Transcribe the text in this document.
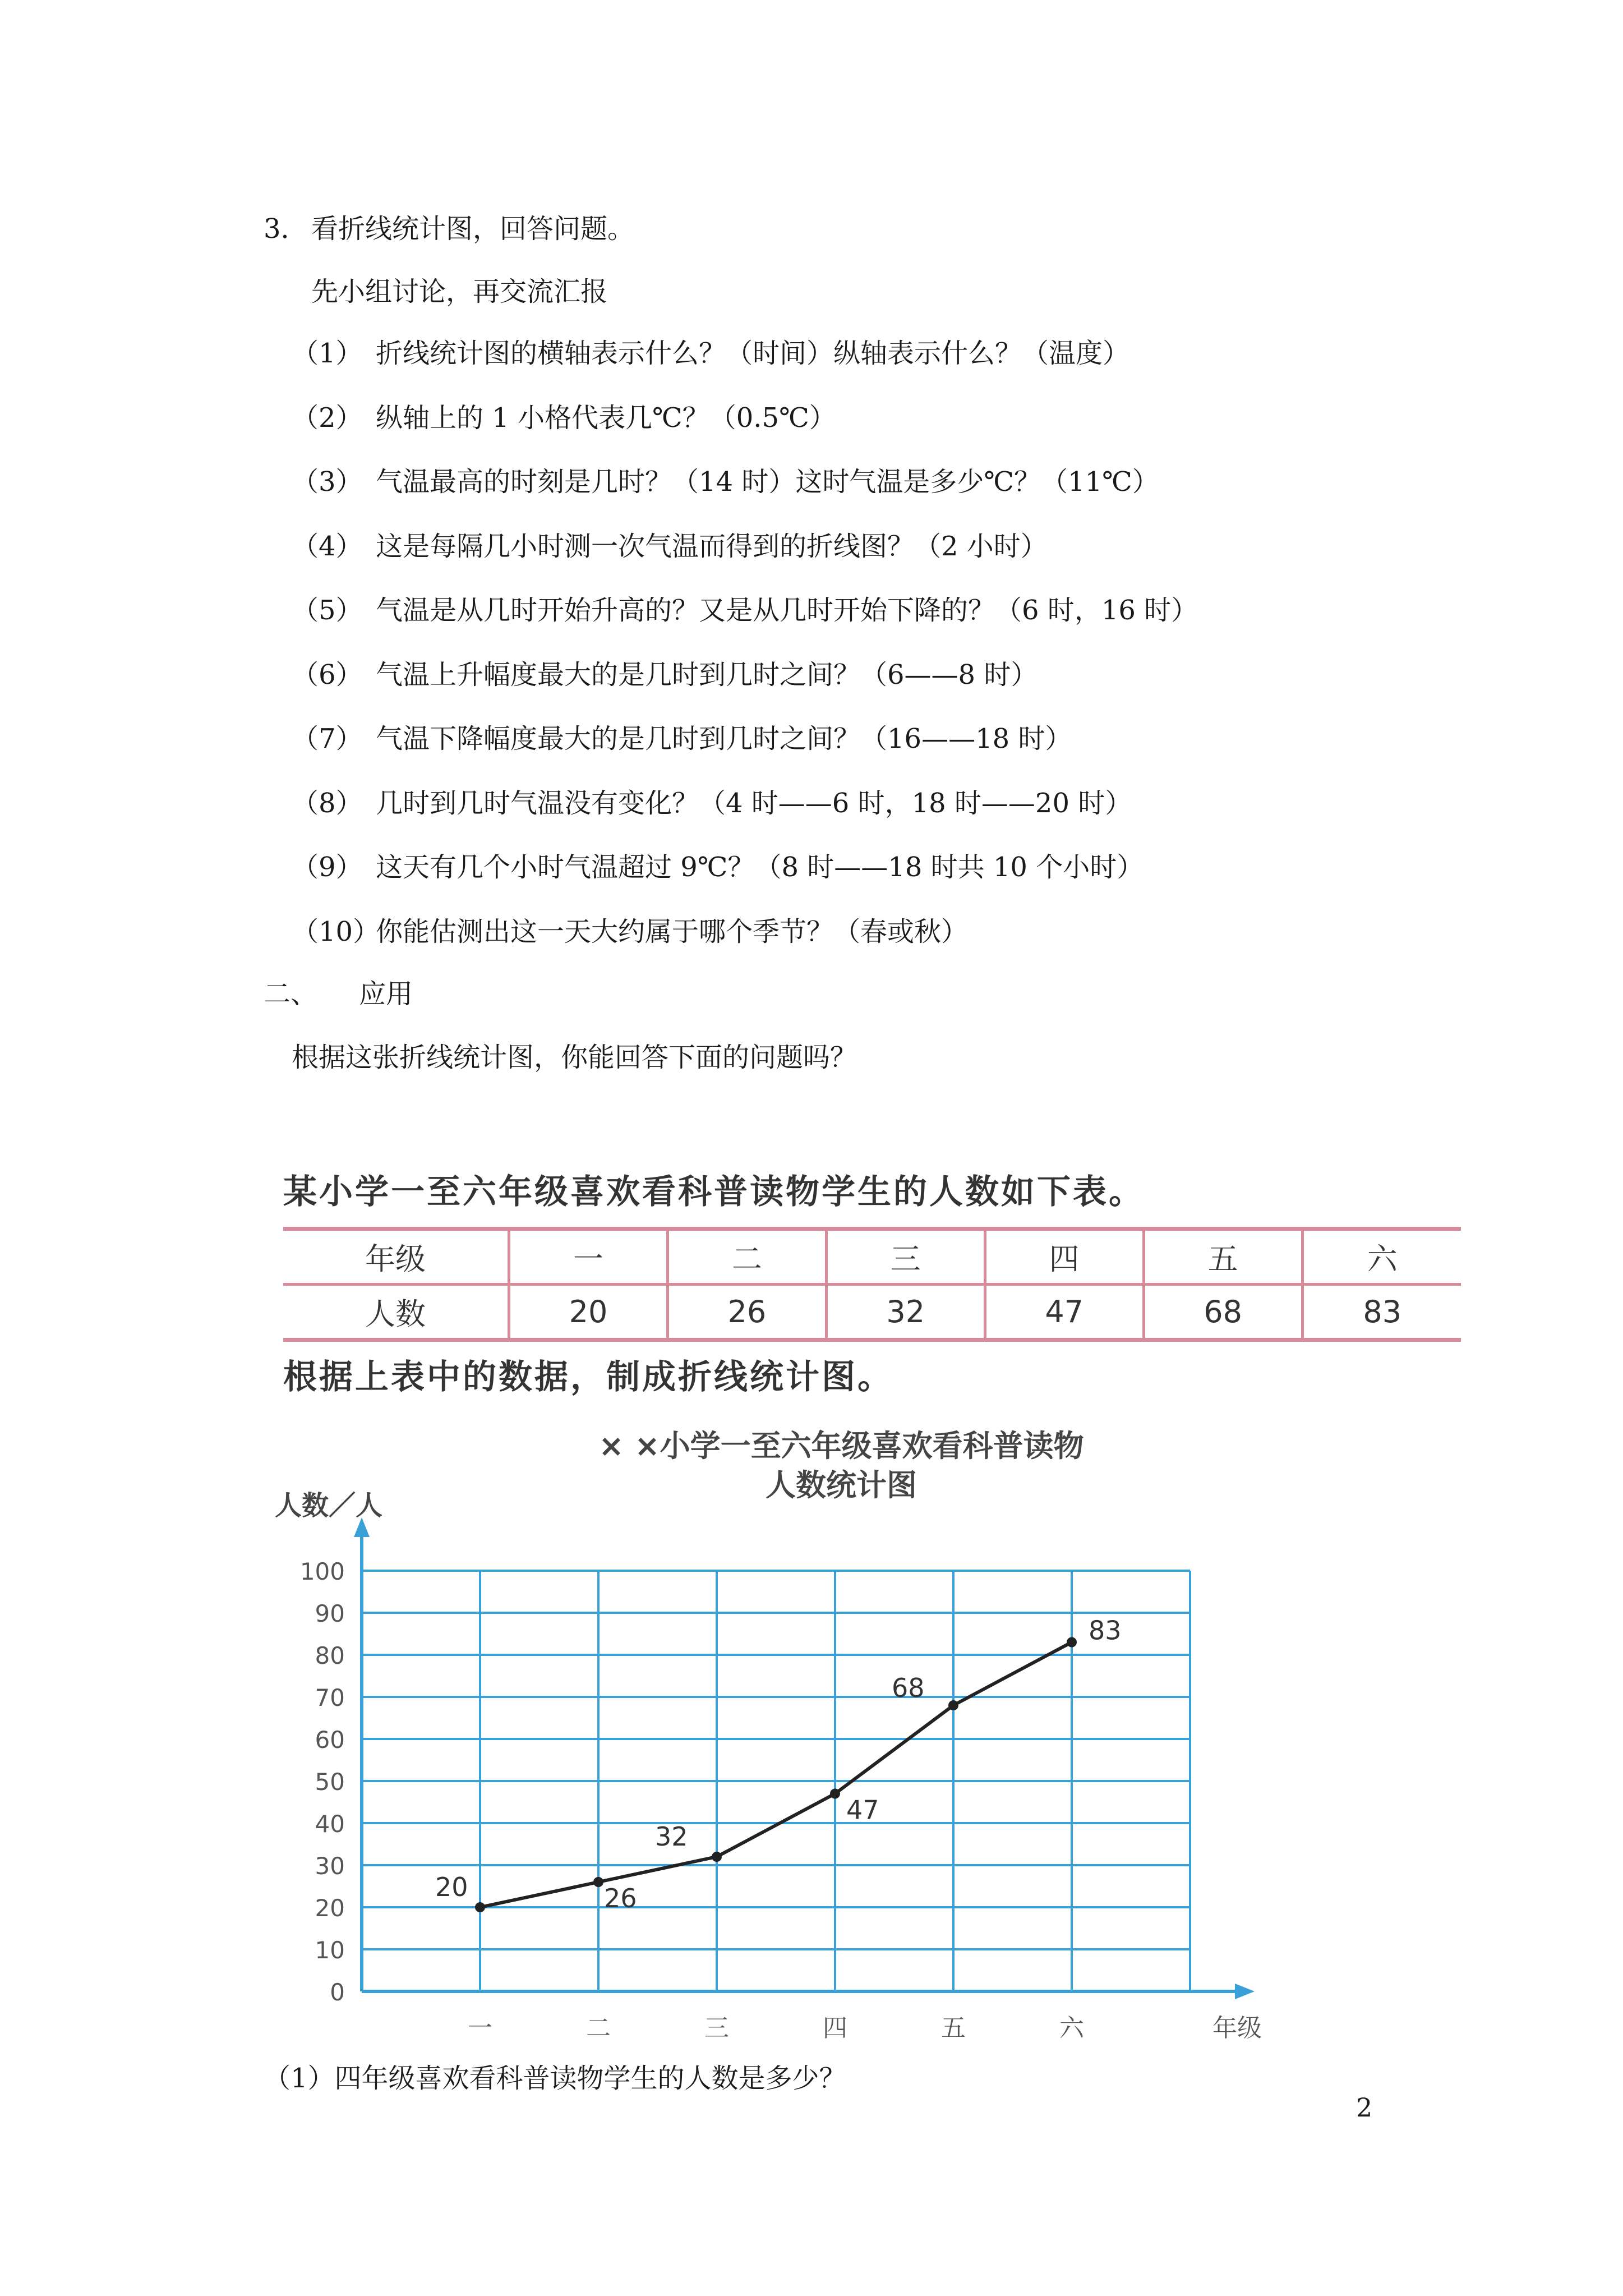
3． 看折线统计图，回答问题。
先小组讨论，再交流汇报
（1） 折线统计图的横轴表示什么？（时间）纵轴表示什么？（温度）
（2） 纵轴上的 1 小格代表几℃？（0.5℃）
（3） 气温最高的时刻是几时？（14 时）这时气温是多少℃？（11℃）
（4） 这是每隔几小时测一次气温而得到的折线图？（2 小时）
（5） 气温是从几时开始升高的？又是从几时开始下降的？（6 时，16 时）
（6） 气温上升幅度最大的是几时到几时之间？（6——8 时）
（7） 气温下降幅度最大的是几时到几时之间？（16——18 时）
（8） 几时到几时气温没有变化？（4 时——6 时，18 时——20 时）
（9） 这天有几个小时气温超过 9℃？（8 时——18 时共 10 个小时）
（10）你能估测出这一天大约属于哪个季节？（春或秋）
二、 应用
根据这张折线统计图，你能回答下面的问题吗？
某小学一至六年级喜欢看科普读物学生的人数如下表。
年级	一	二	三	四	五	六
人数	20	26	32	47	68	83
根据上表中的数据，制成折线统计图。
× ×小学一至六年级喜欢看科普读物
人数统计图
0
10
20
30
40
50
60
70
80
90
100
人数／人
年级
一	二	三	四	五	六
20	26
32
47
68
83
（1）四年级喜欢看科普读物学生的人数是多少？
2
